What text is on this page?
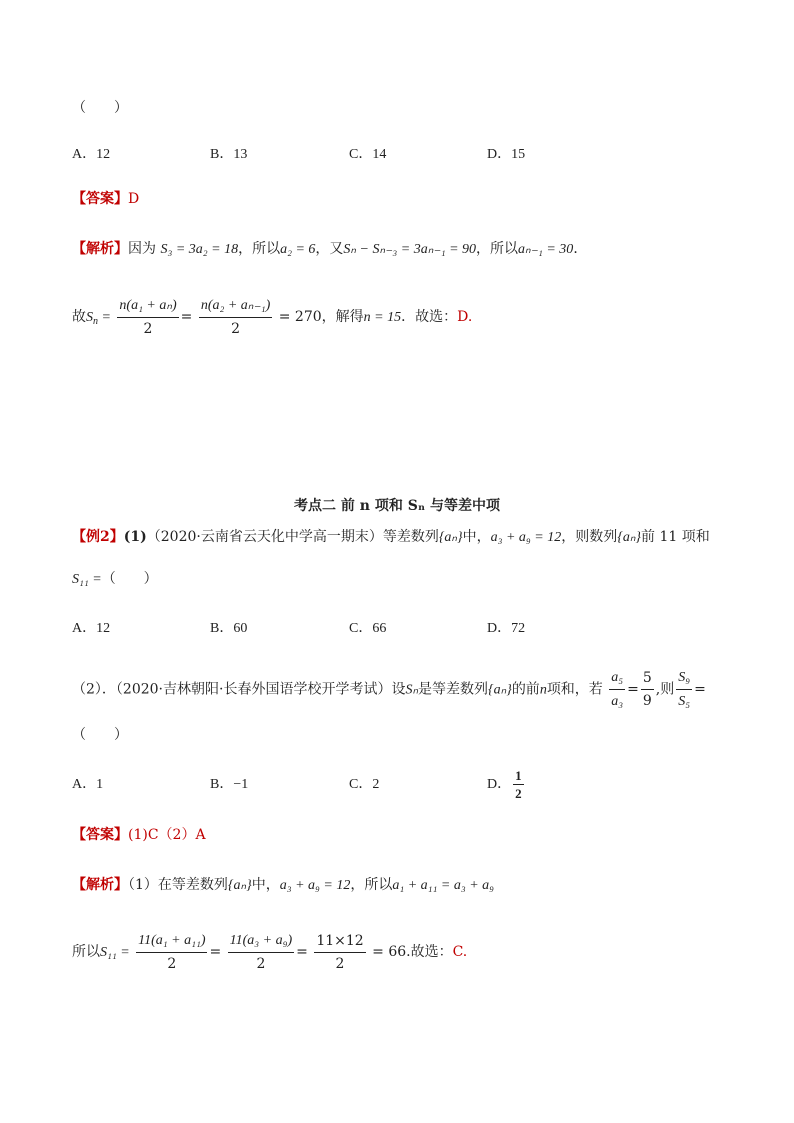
（　　）
A．12	B．13	C．14	D．15
【答案】D
【解析】因为 S₃ = 3a₂ = 18，所以a₂ = 6，又Sₙ − Sₙ₋₃ = 3aₙ₋₁ = 90，所以aₙ₋₁ = 30．
故$S_n = \frac{\text{n(a₁ + aₙ)}}{2} = \frac{\text{n(a₂ + aₙ₋₁)}}{2} = 270$，解得n = 15．故选：D.
考点二 前 n 项和 Sₙ 与等差中项
【例2】(1)（2020·云南省云天化中学高一期末）等差数列{aₙ}中，a₃ + a₉ = 12，则数列{aₙ}前 11 项和
S₁₁ =（　　）
A．12	B．60	C．66	D．72
（2）．（2020·吉林朝阳·长春外国语学校开学考试）设Sₙ是等差数列{aₙ}的前n项和，若 $\frac{\text{a₅}}{\text{a₃}} = \frac{5}{9}$ ,则 $\frac{\text{S₉}}{\text{S₅}}$ =
（　　）
A．1	B．−1	C．2	D． $\frac{1}{2}$
【答案】(1)C（2）A
【解析】（1）在等差数列{aₙ}中，a₃ + a₉ = 12，所以a₁ + a₁₁ = a₃ + a₉
所以$S_{11} = \frac{\text{11(a₁ + a₁₁)}}{2} = \frac{\text{11(a₃ + a₉)}}{2} = \frac{11\times 12}{2} = 66$.故选：C.
